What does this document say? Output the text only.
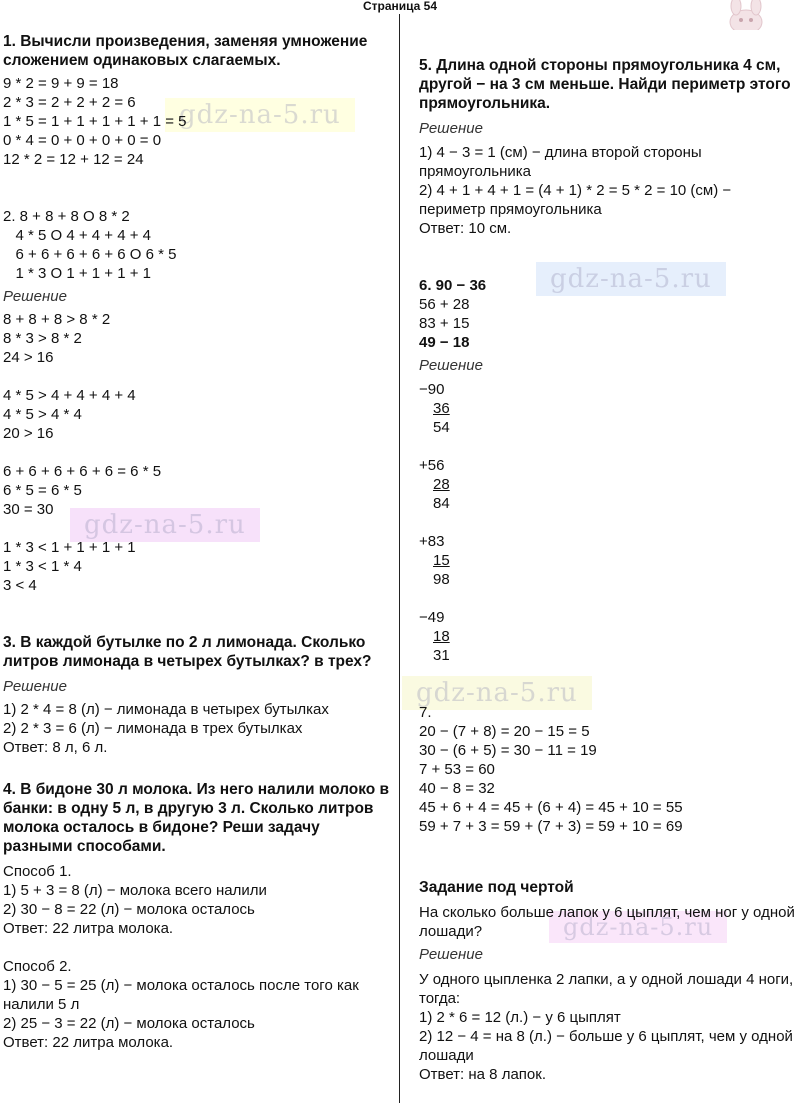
Страница 54
gdz-na-5.ru
gdz-na-5.ru
gdz-na-5.ru
gdz-na-5.ru
gdz-na-5.ru
1. Вычисли произведения, заменяя умножение сложением одинаковых слагаемых.
9 * 2 = 9 + 9 = 18
2 * 3 = 2 + 2 + 2 = 6
1 * 5 = 1 + 1 + 1 + 1 + 1 = 5
0 * 4 = 0 + 0 + 0 + 0 = 0
12 * 2 = 12 + 12 = 24
2. 8 + 8 + 8 O 8 * 2
4 * 5 O 4 + 4 + 4 + 4
6 + 6 + 6 + 6 + 6 O 6 * 5
1 * 3 O 1 + 1 + 1 + 1
Решение
8 + 8 + 8 > 8 * 2
8 * 3 > 8 * 2
24 > 16
4 * 5 > 4 + 4 + 4 + 4
4 * 5 > 4 * 4
20 > 16
6 + 6 + 6 + 6 + 6 = 6 * 5
6 * 5 = 6 * 5
30 = 30
1 * 3 < 1 + 1 + 1 + 1
1 * 3 < 1 * 4
3 < 4
3. В каждой бутылке по 2 л лимонада. Сколько литров лимонада в четырех бутылках? в трех?
Решение
1) 2 * 4 = 8 (л) − лимонада в четырех бутылках
2) 2 * 3 = 6 (л) − лимонада в трех бутылках
Ответ: 8 л, 6 л.
4. В бидоне 30 л молока. Из него налили молоко в банки: в одну 5 л, в другую 3 л. Сколько литров молока осталось в бидоне? Реши задачу разными способами.
Способ 1.
1) 5 + 3 = 8 (л) − молока всего налили
2) 30 − 8 = 22 (л) − молока осталось
Ответ: 22 литра молока.
Способ 2.
1) 30 − 5 = 25 (л) − молока осталось после того как налили 5 л
2) 25 − 3 = 22 (л) − молока осталось
Ответ: 22 литра молока.
5. Длина одной стороны прямоугольника 4 см, другой − на 3 см меньше. Найди периметр этого прямоугольника.
Решение
1) 4 − 3 = 1 (см) − длина второй стороны прямоугольника
2) 4 + 1 + 4 + 1 = (4 + 1) * 2 = 5 * 2 = 10 (см) − периметр прямоугольника
Ответ: 10 см.
6. 90 − 36
56 + 28
83 + 15
49 − 18
Решение
−90
36
54
+56
28
84
+83
15
98
−49
18
31
7.
20 − (7 + 8) = 20 − 15 = 5
30 − (6 + 5) = 30 − 11 = 19
7 + 53 = 60
40 − 8 = 32
45 + 6 + 4 = 45 + (6 + 4) = 45 + 10 = 55
59 + 7 + 3 = 59 + (7 + 3) = 59 + 10 = 69
Задание под чертой
На сколько больше лапок у 6 цыплят, чем ног у одной лошади?
Решение
У одного цыпленка 2 лапки, а у одной лошади 4 ноги, тогда:
1) 2 * 6 = 12 (л.) − у 6 цыплят
2) 12 − 4 = на 8 (л.) − больше у 6 цыплят, чем у одной лошади
Ответ: на 8 лапок.
